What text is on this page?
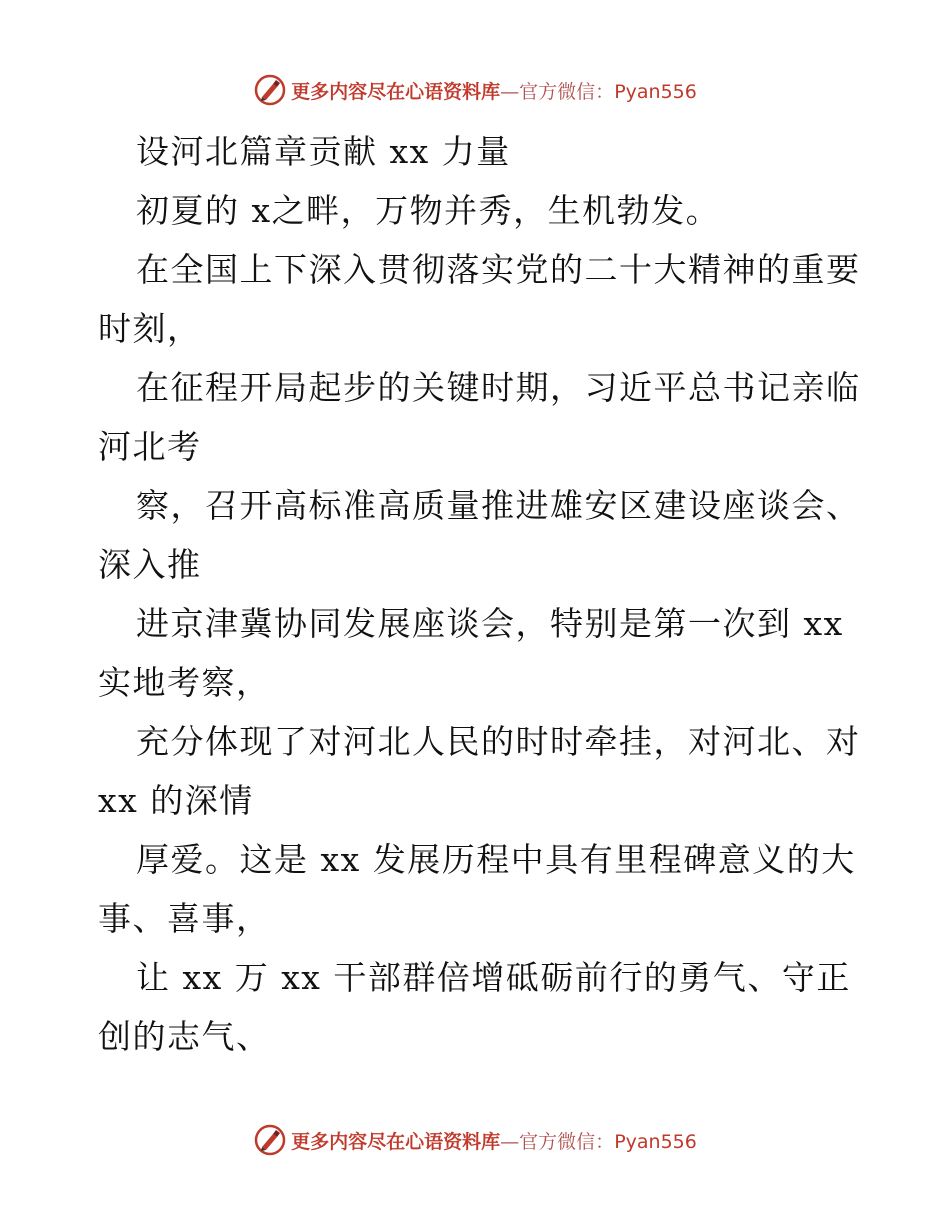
更多内容尽在心语资料库—官方微信：Pyan556
设河北篇章贡献 xx 力量
初夏的 x之畔，万物并秀，生机勃发。
在全国上下深入贯彻落实党的二十大精神的重要
时刻，
在征程开局起步的关键时期，习近平总书记亲临
河北考
察，召开高标准高质量推进雄安区建设座谈会、
深入推
进京津冀协同发展座谈会，特别是第一次到 xx
实地考察，
充分体现了对河北人民的时时牵挂，对河北、对
xx 的深情
厚爱。这是 xx 发展历程中具有里程碑意义的大
事、喜事，
让 xx 万 xx 干部群倍增砥砺前行的勇气、守正
创的志气、
更多内容尽在心语资料库—官方微信：Pyan556
